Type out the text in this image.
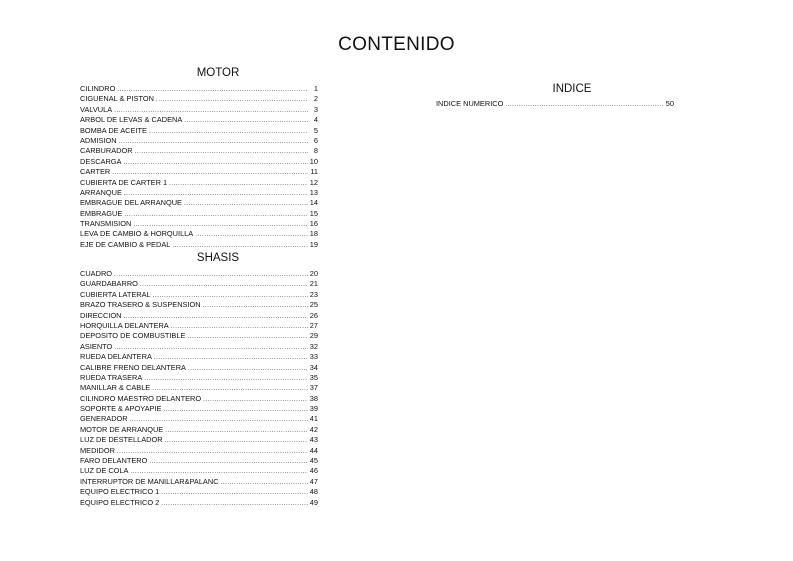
CONTENIDO
MOTOR
CILINDRO .....	1
CIGUENAL & PISTON .....	2
VALVULA .....	3
ARBOL DE LEVAS & CADENA .....	4
BOMBA DE ACEITE .....	5
ADMISION .....	6
CARBURADOR .....	8
DESCARGA .....	10
CARTER .....	11
CUBIERTA DE CARTER 1 .....	12
ARRANQUE .....	13
EMBRAGUE DEL ARRANQUE .....	14
EMBRAGUE .....	15
TRANSMISION .....	16
LEVA DE CAMBIO & HORQUILLA .....	18
EJE DE CAMBIO & PEDAL .....	19
SHASIS
CUADRO .....	20
GUARDABARRO .....	21
CUBIERTA LATERAL .....	23
BRAZO TRASERO & SUSPENSION .....	25
DIRECCION .....	26
HORQUILLA DELANTERA .....	27
DEPOSITO DE COMBUSTIBLE .....	29
ASIENTO .....	32
RUEDA DELANTERA .....	33
CALIBRE FRENO DELANTERA .....	34
RUEDA TRASERA .....	35
MANILLAR & CABLE .....	37
CILINDRO MAESTRO DELANTERO .....	38
SOPORTE & APOYAPIE .....	39
GENERADOR .....	41
MOTOR DE ARRANQUE .....	42
LUZ DE DESTELLADOR .....	43
MEDIDOR .....	44
FARO DELANTERO .....	45
LUZ DE COLA .....	46
INTERRUPTOR DE MANILLAR&PALANC .....	47
EQUIPO ELECTRICO 1 .....	48
EQUIPO ELECTRICO 2 .....	49
INDICE
INDICE NUMERICO .....	50
